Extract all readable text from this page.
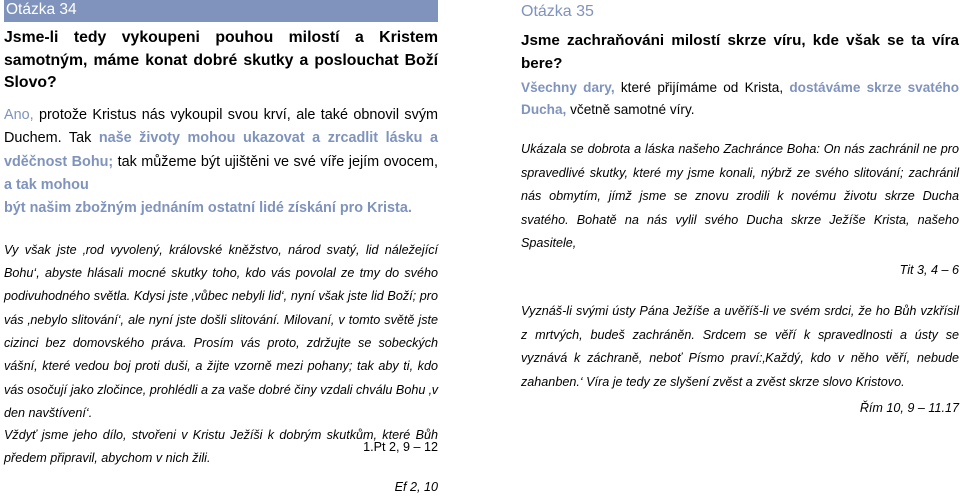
Otázka 34
Jsme-li tedy vykoupeni pouhou milostí a Kristem samotným, máme konat dobré skutky a poslouchat Boží Slovo?
Ano, protože Kristus nás vykoupil svou krví, ale také obnovil svým Duchem. Tak naše životy mohou ukazovat a zrcadlit lásku a vděčnost Bohu; tak můžeme být ujištěni ve své víře jejím ovocem, a tak mohou
být našim zbožným jednáním ostatní lidé získání pro Krista.
Vy však jste ‚rod vyvolený, královské kněžstvo, národ svatý, lid náležející Bohu‘, abyste hlásali mocné skutky toho, kdo vás povolal ze tmy do svého podivuhodného světla. Kdysi jste ‚vůbec nebyli lid‘, nyní však jste lid Boží; pro vás ‚nebylo slitování‘, ale nyní jste došli slitování. Milovaní, v tomto světě jste cizinci bez domovského práva. Prosím vás proto, zdržujte se sobeckých vášní, které vedou boj proti duši, a žijte vzorně mezi pohany; tak aby ti, kdo vás osočují jako zločince, prohlédli a za vaše dobré činy vzdali chválu Bohu ‚v den navštívení‘.
1.Pt 2, 9 – 12
Vždyť jsme jeho dílo, stvořeni v Kristu Ježíši k dobrým skutkům, které Bůh předem připravil, abychom v nich žili.
Ef 2, 10
Otázka 35
Jsme zachraňováni milostí skrze víru, kde však se ta víra bere?
Všechny dary, které přijímáme od Krista, dostáváme skrze svatého Ducha, včetně samotné víry.
Ukázala se dobrota a láska našeho Zachránce Boha: On nás zachránil ne pro spravedlivé skutky, které my jsme konali, nýbrž ze svého slitování; zachránil nás obmytím, jímž jsme se znovu zrodili k novému životu skrze Ducha svatého. Bohatě na nás vylil svého Ducha skrze Ježíše Krista, našeho Spasitele,
Tit 3, 4 – 6
Vyznáš-li svými ústy Pána Ježíše a uvěříš-li ve svém srdci, že ho Bůh vzkřísil z mrtvých, budeš zachráněn. Srdcem se věří k spravedlnosti a ústy se vyznává k záchraně, neboť Písmo praví:‚Každý, kdo v něho věří, nebude zahanben.‘ Víra je tedy ze slyšení zvěst a zvěst skrze slovo Kristovo.
Řím 10, 9 – 11.17
